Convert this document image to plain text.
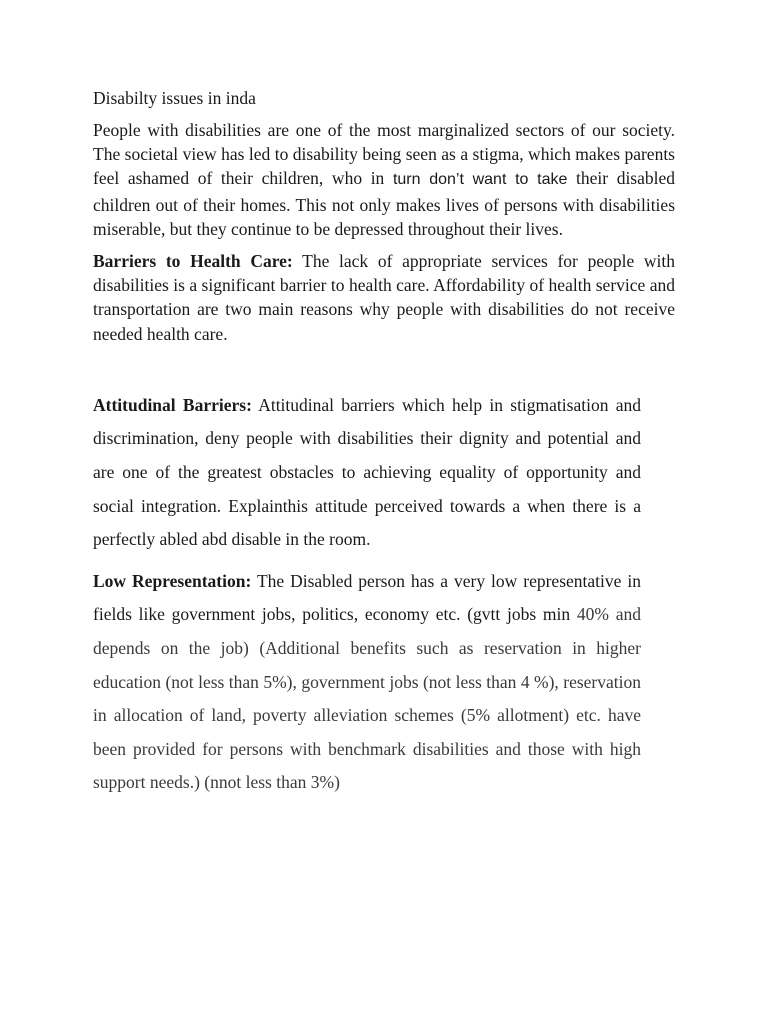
Disabilty issues in inda

People with disabilities are one of the most marginalized sectors of our society. The societal view has led to disability being seen as a stigma, which makes parents feel ashamed of their children, who in turn don’t want to take their disabled children out of their homes. This not only makes lives of persons with disabilities miserable, but they continue to be depressed throughout their lives.

Barriers to Health Care: The lack of appropriate services for people with disabilities is a significant barrier to health care. Affordability of health service and transportation are two main reasons why people with disabilities do not receive needed health care.

Attitudinal Barriers: Attitudinal barriers which help in stigmatisation and discrimination, deny people with disabilities their dignity and potential and are one of the greatest obstacles to achieving equality of opportunity and social integration. Explainthis attitude perceived towards a when there is a perfectly abled abd disable in the room.

Low Representation: The Disabled person has a very low representative in fields like government jobs, politics, economy etc. (gvtt jobs min 40% and depends on the job) (Additional benefits such as reservation in higher education (not less than 5%), government jobs (not less than 4 %), reservation in allocation of land, poverty alleviation schemes (5% allotment) etc. have been provided for persons with benchmark disabilities and those with high support needs.) (nnot less than 3%)
